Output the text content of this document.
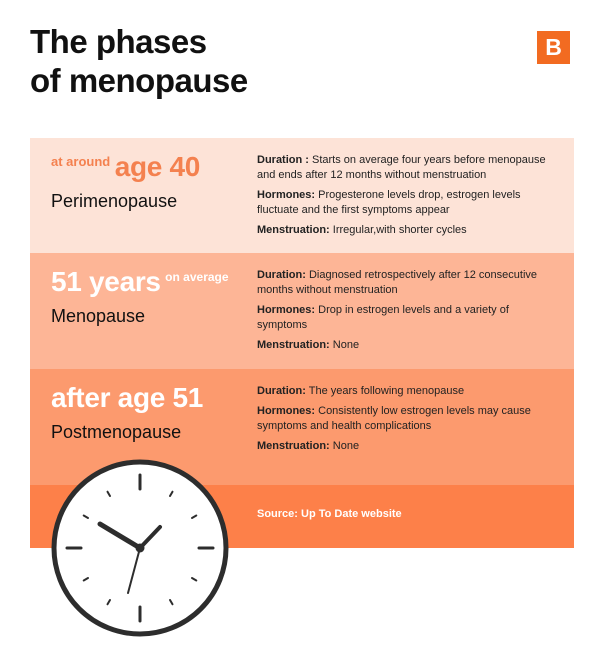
The phases
of menopause
B
$^{at around}$ age 40
Perimenopause

Duration : Starts on average four years before menopause and ends after 12 months without menstruation

Hormones: Progesterone levels drop, estrogen levels fluctuate and the first symptoms appear

Menstruation: Irregular,with shorter cycles

51 years $^{on average}$
Menopause

Duration: Diagnosed retrospectively after 12 consecutive months without menstruation

Hormones: Drop in estrogen levels and a variety of symptoms

Menstruation: None

after age 51
Postmenopause

Duration: The years following menopause

Hormones: Consistently low estrogen levels may cause symptoms and health complications

Menstruation: None

Source: Up To Date website
